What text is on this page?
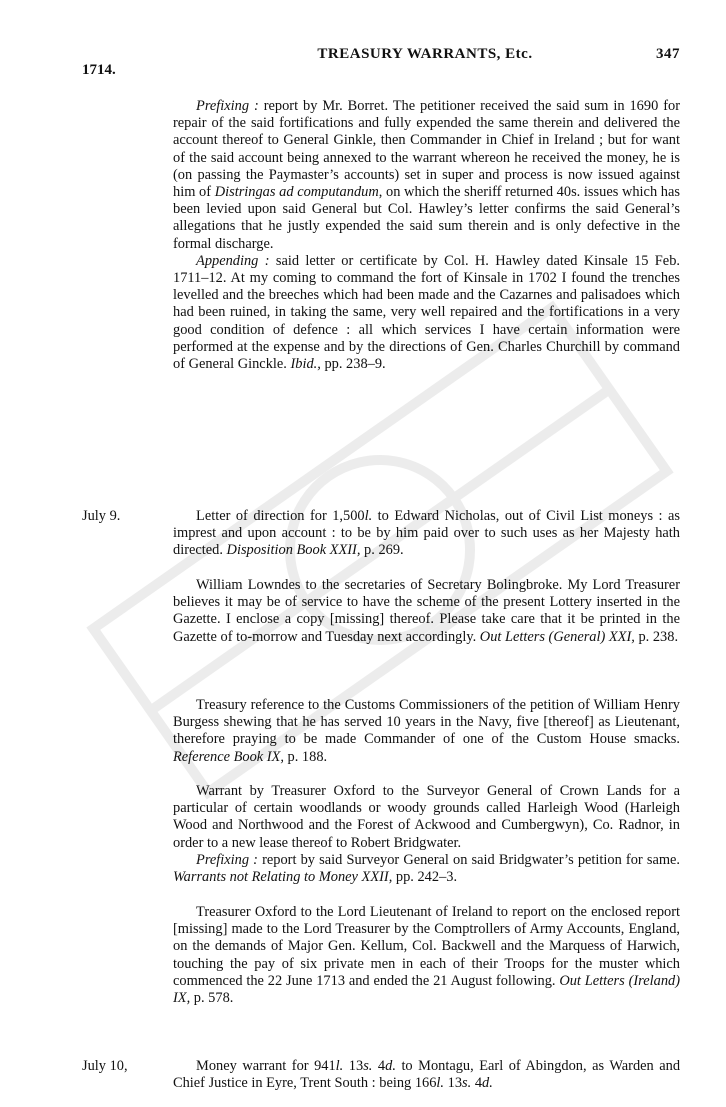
TREASURY WARRANTS, Etc.	347
1714.

Prefixing : report by Mr. Borret. The petitioner received the said sum in 1690 for repair of the said fortifications and fully expended the same therein and delivered the account thereof to General Ginkle, then Commander in Chief in Ireland ; but for want of the said account being annexed to the warrant whereon he received the money, he is (on passing the Paymaster’s accounts) set in super and process is now issued against him of Distringas ad computandum, on which the sheriff returned 40s. issues which has been levied upon said General but Col. Hawley’s letter confirms the said General’s allegations that he justly expended the said sum therein and is only defective in the formal discharge.

Appending : said letter or certificate by Col. H. Hawley dated Kinsale 15 Feb. 1711–12. At my coming to command the fort of Kinsale in 1702 I found the trenches levelled and the breeches which had been made and the Cazarnes and palisadoes which had been ruined, in taking the same, very well repaired and the fortifications in a very good condition of defence : all which services I have certain information were performed at the expense and by the directions of Gen. Charles Churchill by command of General Ginckle. Ibid., pp. 238–9.

July 9.	Letter of direction for 1,500l. to Edward Nicholas, out of Civil List moneys : as imprest and upon account : to be by him paid over to such uses as her Majesty hath directed. Disposition Book XXII, p. 269.

William Lowndes to the secretaries of Secretary Bolingbroke. My Lord Treasurer believes it may be of service to have the scheme of the present Lottery inserted in the Gazette. I enclose a copy [missing] thereof. Please take care that it be printed in the Gazette of to-morrow and Tuesday next accordingly. Out Letters (General) XXI, p. 238.

Treasury reference to the Customs Commissioners of the petition of William Henry Burgess shewing that he has served 10 years in the Navy, five [thereof] as Lieutenant, therefore praying to be made Commander of one of the Custom House smacks. Reference Book IX, p. 188.

Warrant by Treasurer Oxford to the Surveyor General of Crown Lands for a particular of certain woodlands or woody grounds called Harleigh Wood (Harleigh Wood and Northwood and the Forest of Ackwood and Cumbergwyn), Co. Radnor, in order to a new lease thereof to Robert Bridgwater.

Prefixing : report by said Surveyor General on said Bridgwater’s petition for same. Warrants not Relating to Money XXII, pp. 242–3.

Treasurer Oxford to the Lord Lieutenant of Ireland to report on the enclosed report [missing] made to the Lord Treasurer by the Comptrollers of Army Accounts, England, on the demands of Major Gen. Kellum, Col. Backwell and the Marquess of Harwich, touching the pay of six private men in each of their Troops for the muster which commenced the 22 June 1713 and ended the 21 August following. Out Letters (Ireland) IX, p. 578.

July 10,	Money warrant for 941l. 13s. 4d. to Montagu, Earl of Abingdon, as Warden and Chief Justice in Eyre, Trent South : being 166l. 13s. 4d.
